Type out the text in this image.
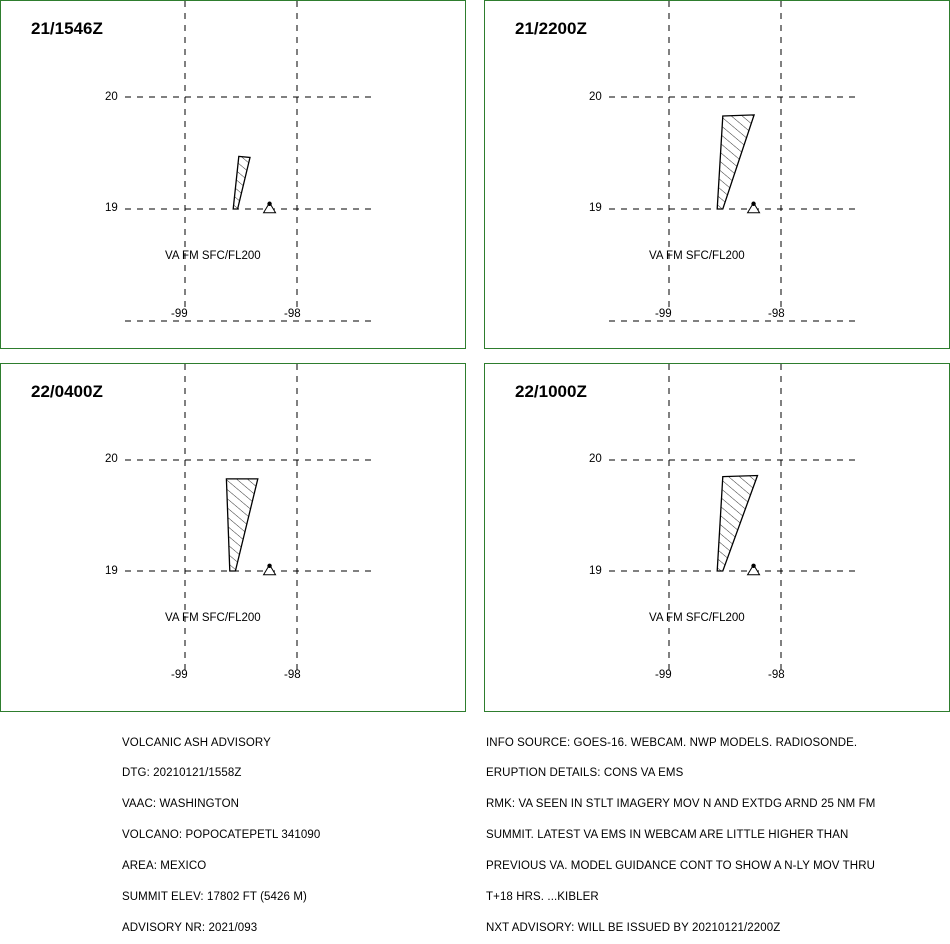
21/1546Z
20
19
-99	-98
VA FM SFC/FL200
21/2200Z
20
19
-99	-98
VA FM SFC/FL200
22/0400Z
20
19
-99	-98
VA FM SFC/FL200
22/1000Z
20
19
-99	-98
VA FM SFC/FL200

VOLCANIC ASH ADVISORY

DTG: 20210121/1558Z

VAAC: WASHINGTON

VOLCANO: POPOCATEPETL 341090

AREA: MEXICO

SUMMIT ELEV: 17802 FT (5426 M)

ADVISORY NR: 2021/093

INFO SOURCE: GOES-16. WEBCAM. NWP MODELS. RADIOSONDE.

ERUPTION DETAILS: CONS VA EMS

RMK: VA SEEN IN STLT IMAGERY MOV N AND EXTDG ARND 25 NM FM

SUMMIT. LATEST VA EMS IN WEBCAM ARE LITTLE HIGHER THAN

PREVIOUS VA. MODEL GUIDANCE CONT TO SHOW A N-LY MOV THRU

T+18 HRS. ...KIBLER

NXT ADVISORY: WILL BE ISSUED BY 20210121/2200Z
